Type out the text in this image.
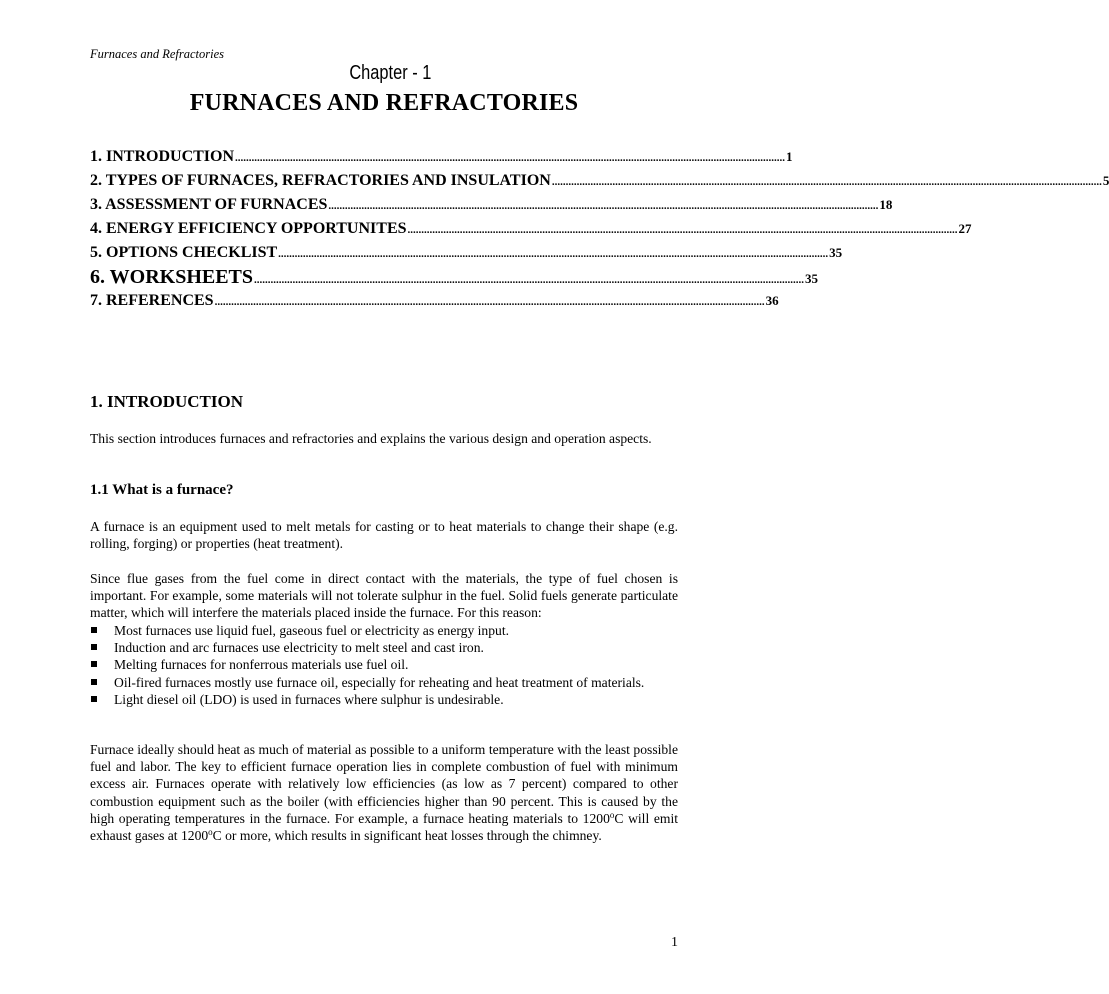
Furnaces and Refractories
Chapter - 1
FURNACES AND REFRACTORIES
1. INTRODUCTION ........................................................................................................................................................................................................ 1
2. TYPES OF FURNACES, REFRACTORIES AND INSULATION ........................................................................................................................................................................................................ 5
3. ASSESSMENT OF FURNACES ........................................................................................................................................................................................................ 18
4. ENERGY EFFICIENCY OPPORTUNITES ........................................................................................................................................................................................................ 27
5. OPTIONS CHECKLIST ........................................................................................................................................................................................................ 35
6. WORKSHEETS ........................................................................................................................................................................................................ 35
7. REFERENCES ........................................................................................................................................................................................................ 36
1. INTRODUCTION

This section introduces furnaces and refractories and explains the various design and operation aspects.

1.1 What is a furnace?

A furnace is an equipment used to melt metals for casting or to heat materials to change their shape (e.g. rolling, forging) or properties (heat treatment).

Since flue gases from the fuel come in direct contact with the materials, the type of fuel chosen is important. For example, some materials will not tolerate sulphur in the fuel. Solid fuels generate particulate matter, which will interfere the materials placed inside the furnace. For this reason:

Most furnaces use liquid fuel, gaseous fuel or electricity as energy input.
Induction and arc furnaces use electricity to melt steel and cast iron.
Melting furnaces for nonferrous materials use fuel oil.
Oil-fired furnaces mostly use furnace oil, especially for reheating and heat treatment of materials.
Light diesel oil (LDO) is used in furnaces where sulphur is undesirable.

Furnace ideally should heat as much of material as possible to a uniform temperature with the least possible fuel and labor. The key to efficient furnace operation lies in complete combustion of fuel with minimum excess air. Furnaces operate with relatively low efficiencies (as low as 7 percent) compared to other combustion equipment such as the boiler (with efficiencies higher than 90 percent. This is caused by the high operating temperatures in the furnace. For example, a furnace heating materials to 1200$^o$C will emit exhaust gases at 1200$^o$C or more, which results in significant heat losses through the chimney.

1
